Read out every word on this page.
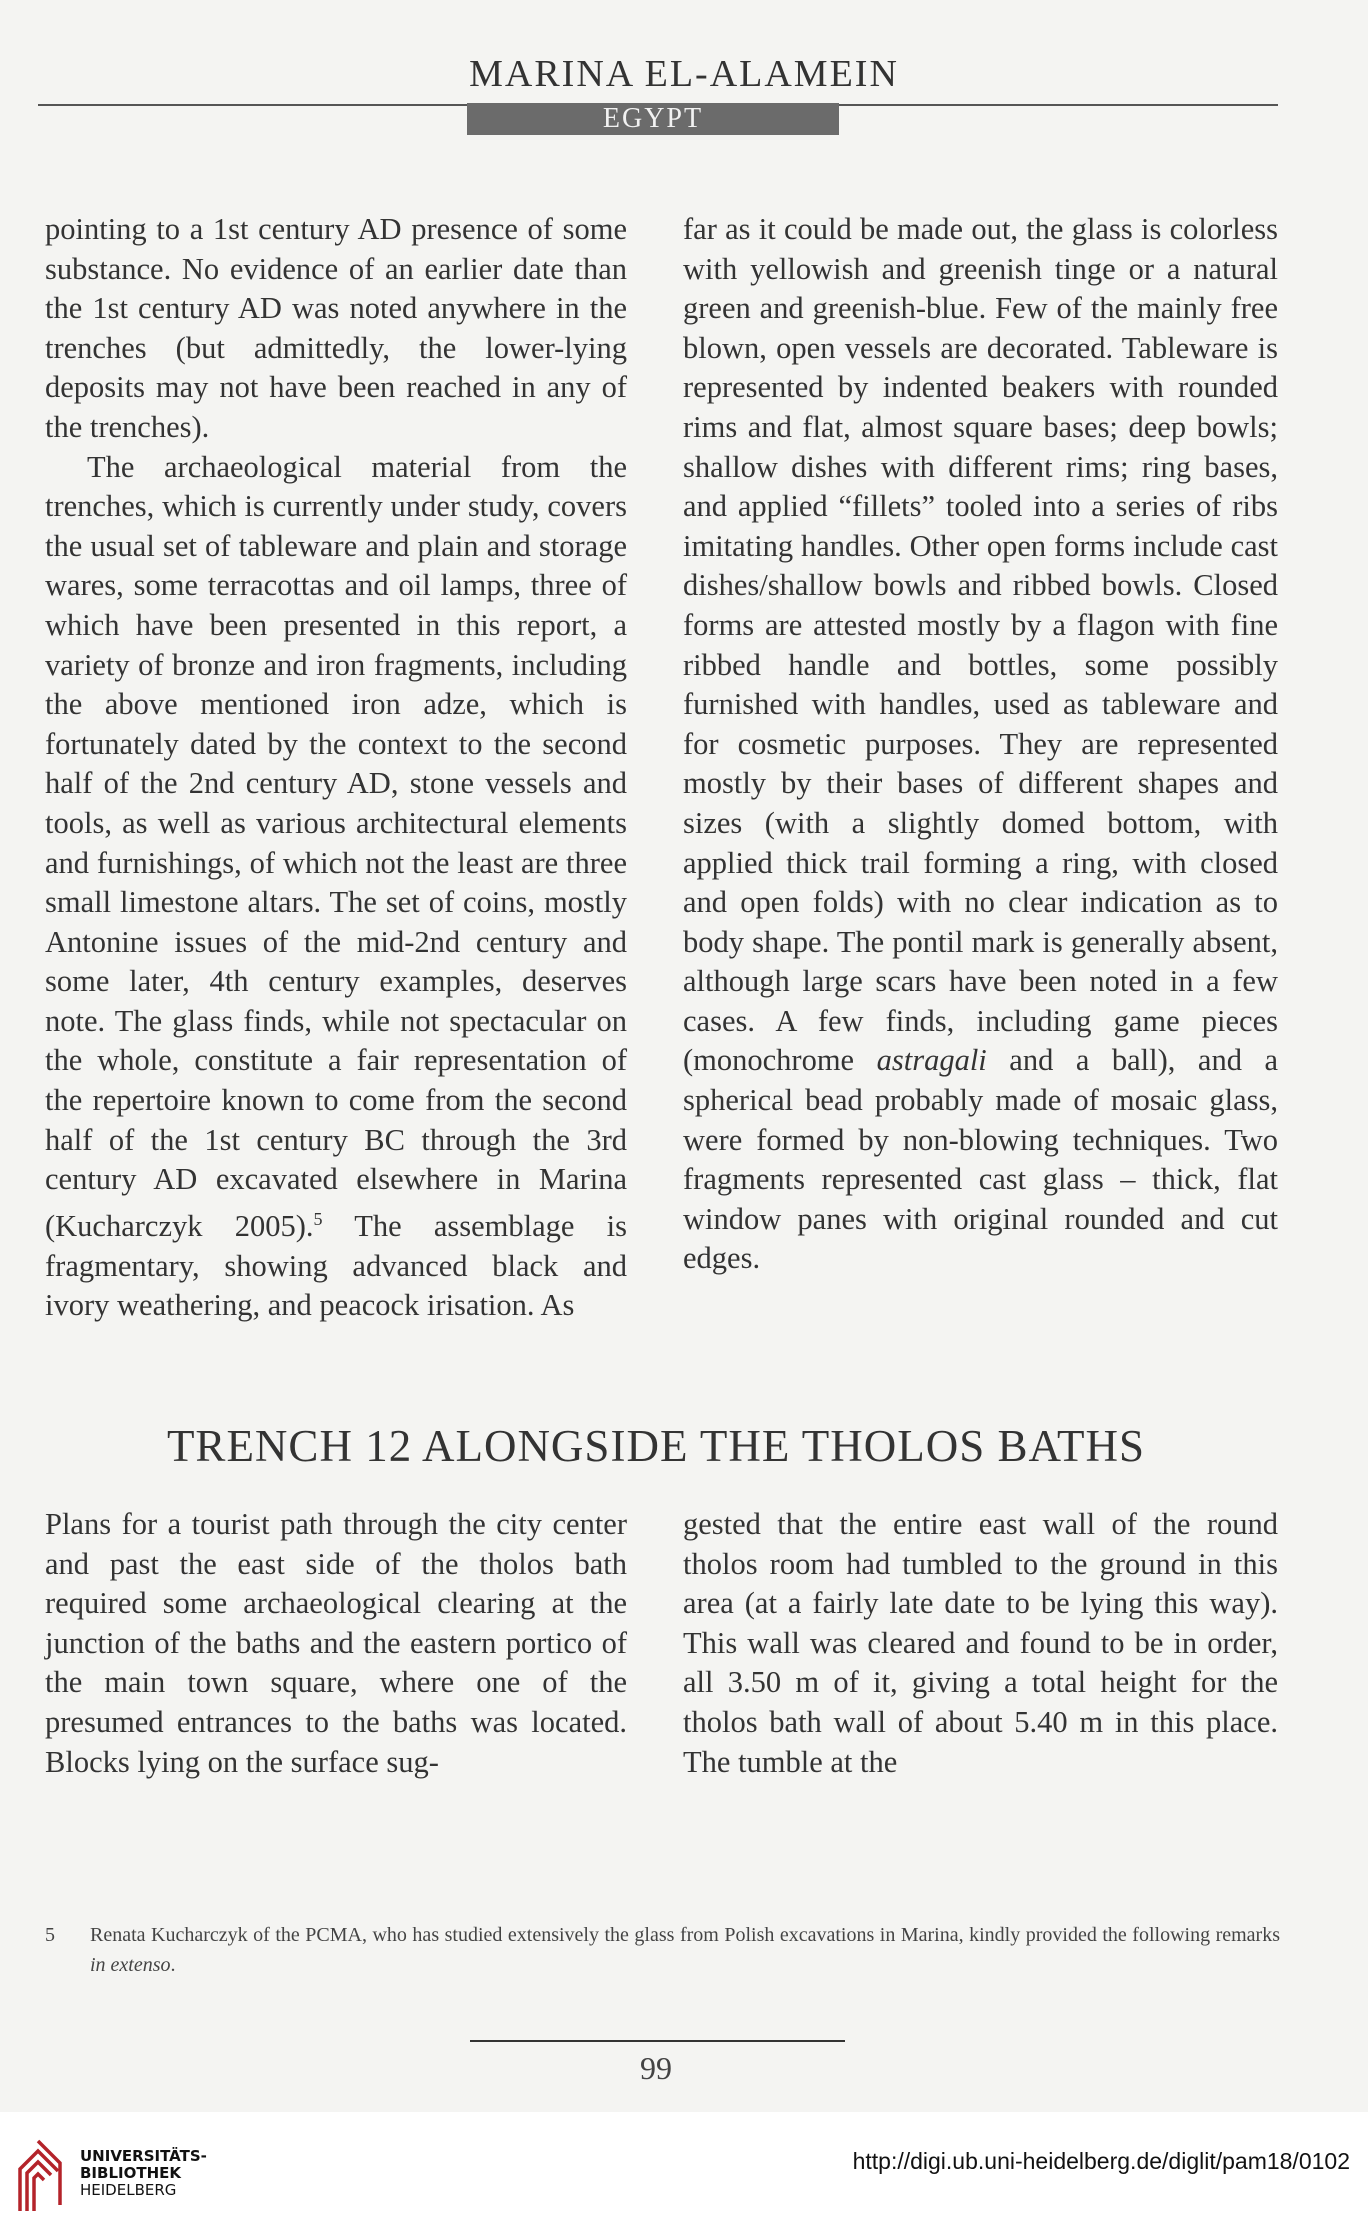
MARINA EL-ALAMEIN
EGYPT

pointing to a 1st century AD presence of some substance. No evidence of an earlier date than the 1st century AD was noted anywhere in the trenches (but admittedly, the lower-lying deposits may not have been reached in any of the trenches).

The archaeological material from the trenches, which is currently under study, covers the usual set of tableware and plain and storage wares, some terracottas and oil lamps, three of which have been presented in this report, a variety of bronze and iron fragments, including the above mentioned iron adze, which is fortunately dated by the context to the second half of the 2nd century AD, stone vessels and tools, as well as various architectural elements and furnishings, of which not the least are three small limestone altars. The set of coins, mostly Antonine issues of the mid-2nd century and some later, 4th century examples, deserves note. The glass finds, while not spectacular on the whole, constitute a fair representation of the repertoire known to come from the second half of the 1st century BC through the 3rd century AD excavated elsewhere in Marina (Kucharczyk 2005).$^5$ The assemblage is fragmentary, showing advanced black and ivory weathering, and peacock irisation. As

far as it could be made out, the glass is colorless with yellowish and greenish tinge or a natural green and greenish-blue. Few of the mainly free blown, open vessels are decorated. Tableware is represented by indented beakers with rounded rims and flat, almost square bases; deep bowls; shallow dishes with different rims; ring bases, and applied “fillets” tooled into a series of ribs imitating handles. Other open forms include cast dishes/shallow bowls and ribbed bowls. Closed forms are attested mostly by a flagon with fine ribbed handle and bottles, some possibly furnished with handles, used as tableware and for cosmetic purposes. They are represented mostly by their bases of different shapes and sizes (with a slightly domed bottom, with applied thick trail forming a ring, with closed and open folds) with no clear indication as to body shape. The pontil mark is generally absent, although large scars have been noted in a few cases. A few finds, including game pieces (monochrome astragali and a ball), and a spherical bead probably made of mosaic glass, were formed by non-blowing techniques. Two fragments represented cast glass – thick, flat window panes with original rounded and cut edges.

TRENCH 12 ALONGSIDE THE THOLOS BATHS

Plans for a tourist path through the city center and past the east side of the tholos bath required some archaeological clearing at the junction of the baths and the eastern portico of the main town square, where one of the presumed entrances to the baths was located. Blocks lying on the surface sug-

gested that the entire east wall of the round tholos room had tumbled to the ground in this area (at a fairly late date to be lying this way). This wall was cleared and found to be in order, all 3.50 m of it, giving a total height for the tholos bath wall of about 5.40 m in this place. The tumble at the

5 Renata Kucharczyk of the PCMA, who has studied extensively the glass from Polish excavations in Marina, kindly provided the following remarks in extenso.
99
UNIVERSITÄTS-
BIBLIOTHEK
HEIDELBERG
http://digi.ub.uni-heidelberg.de/diglit/pam18/0102
